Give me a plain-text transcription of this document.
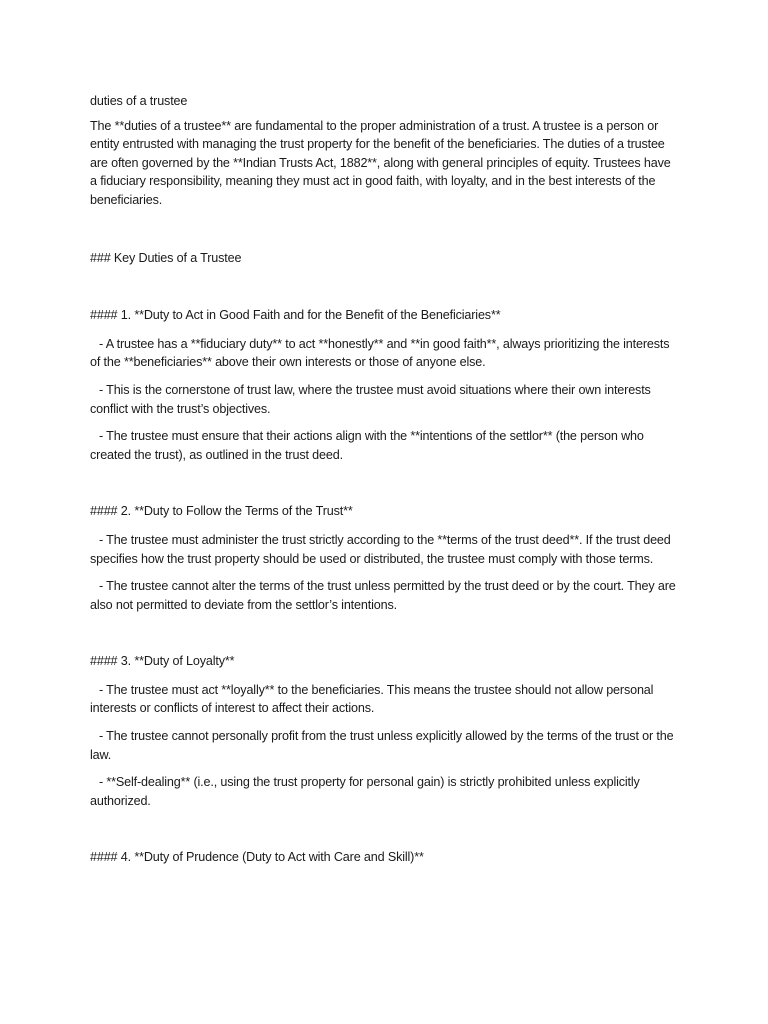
duties of a trustee

The **duties of a trustee** are fundamental to the proper administration of a trust. A trustee is a person or entity entrusted with managing the trust property for the benefit of the beneficiaries. The duties of a trustee are often governed by the **Indian Trusts Act, 1882**, along with general principles of equity. Trustees have a fiduciary responsibility, meaning they must act in good faith, with loyalty, and in the best interests of the beneficiaries.

### Key Duties of a Trustee

#### 1. **Duty to Act in Good Faith and for the Benefit of the Beneficiaries**

- A trustee has a **fiduciary duty** to act **honestly** and **in good faith**, always prioritizing the interests of the **beneficiaries** above their own interests or those of anyone else.

- This is the cornerstone of trust law, where the trustee must avoid situations where their own interests conflict with the trust’s objectives.

- The trustee must ensure that their actions align with the **intentions of the settlor** (the person who created the trust), as outlined in the trust deed.

#### 2. **Duty to Follow the Terms of the Trust**

- The trustee must administer the trust strictly according to the **terms of the trust deed**. If the trust deed specifies how the trust property should be used or distributed, the trustee must comply with those terms.

- The trustee cannot alter the terms of the trust unless permitted by the trust deed or by the court. They are also not permitted to deviate from the settlor’s intentions.

#### 3. **Duty of Loyalty**

- The trustee must act **loyally** to the beneficiaries. This means the trustee should not allow personal interests or conflicts of interest to affect their actions.

- The trustee cannot personally profit from the trust unless explicitly allowed by the terms of the trust or the law.

- **Self-dealing** (i.e., using the trust property for personal gain) is strictly prohibited unless explicitly authorized.

#### 4. **Duty of Prudence (Duty to Act with Care and Skill)**
